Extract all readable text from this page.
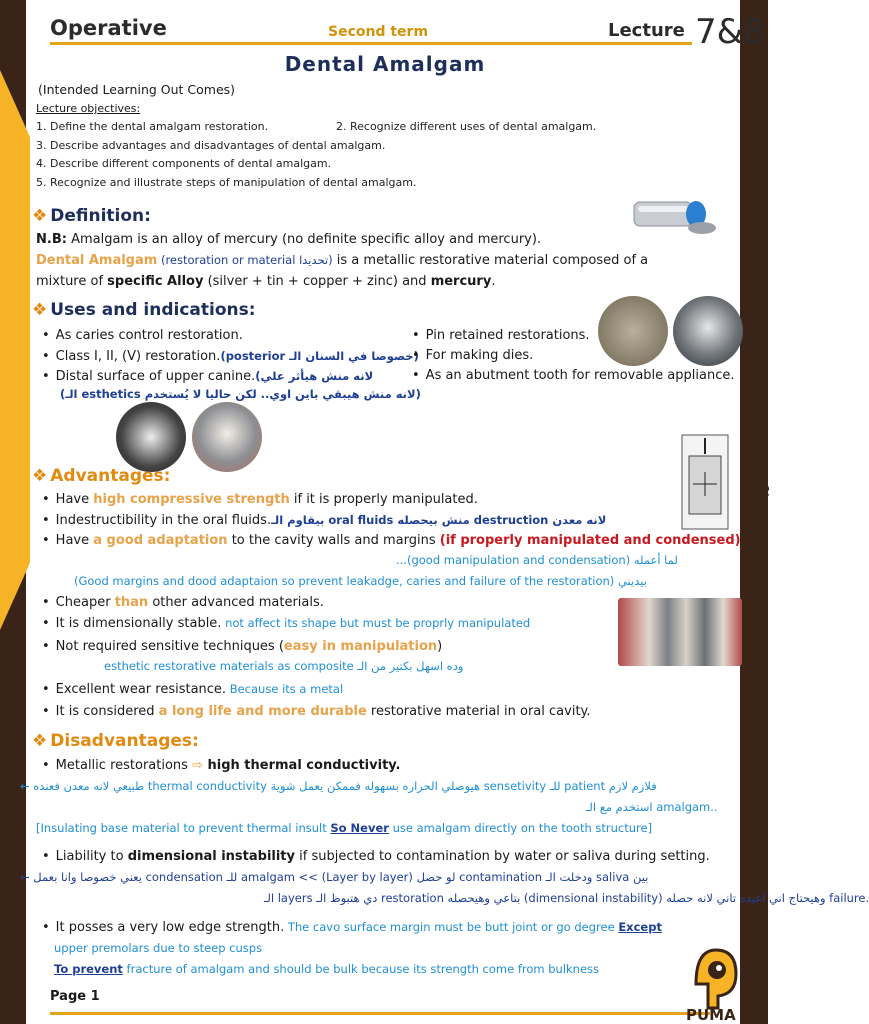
Operative	Second term	Lecture 7&8
Dental Amalgam
(Intended Learning Out Comes)
Lecture objectives:
1. Define the dental amalgam restoration.	2. Recognize different uses of dental amalgam.
3. Describe advantages and disadvantages of dental amalgam.
4. Describe different components of dental amalgam.
5. Recognize and illustrate steps of manipulation of dental amalgam.
❖ Definition:
N.B: Amalgam is an alloy of mercury (no definite specific alloy and mercury).
Dental Amalgam (restoration or material تحديدا) is a metallic restorative material composed of a
mixture of specific Alloy (silver + tin + copper + zinc) and mercury.
❖ Uses and indications:
• As caries control restoration.
• Class I, II, (V) restoration.(posterior خصوصا في السنان الـ)
• Distal surface of upper canine.(لانه منش هيأثر علي
(الـ esthetics لانه منش هيبقي باين اوي.. لكن حاليا لا يُستخدم)
• Pin retained restorations.
• For making dies.
• As an abutment tooth for removable appliance.
Batch 48
❖ Advantages:
• Have high compressive strength if it is properly manipulated.
• Indestructibility in the oral fluids.بيقاوم الـ oral fluids منش بيحصله destruction لانه معدن
• Have a good adaptation to the cavity walls and margins (if properly manipulated and condensed)
...(good manipulation and condensation) لما أعمله
(Good margins and dood adaptaion so prevent leakadge, caries and failure of the restoration) بيديني
• Cheaper than other advanced materials.
• It is dimensionally stable. not affect its shape but must be proprly manipulated
• Not required sensitive techniques (easy in manipulation)
esthetic restorative materials as composite وده اسهل بكتير من الـ
• Excellent wear resistance. Because its a metal
• It is considered a long life and more durable restorative material in oral cavity.
❖ Disadvantages:
• Metallic restorations ⇨ high thermal conductivity.
← طبيعي لانه معدن فعنده thermal conductivity هيوصلي الحراره بسهوله فممكن يعمل شوية sensetivity للـ patient فلازم لازم
استخدم مع الـ amalgam..
[Insulating base material to prevent thermal insult So Never use amalgam directly on the tooth structure]
• Liability to dimensional instability if subjected to contamination by water or saliva during setting.
← يعني خصوصا وانا بعمل condensation للـ amalgam << (Layer by layer) لو حصل contamination ودخلت الـ saliva بين
الـ layers دي هتبوظ الـ restoration بتاعي وهيحصله (dimensional instability) وهيحتاج اني اعيده تاني لانه حصله failure.
• It posses a very low edge strength. The cavo surface margin must be butt joint or go degree Except
upper premolars due to steep cusps
To prevent fracture of amalgam and should be bulk because its strength come from bulkness
Page 1
PUMA
